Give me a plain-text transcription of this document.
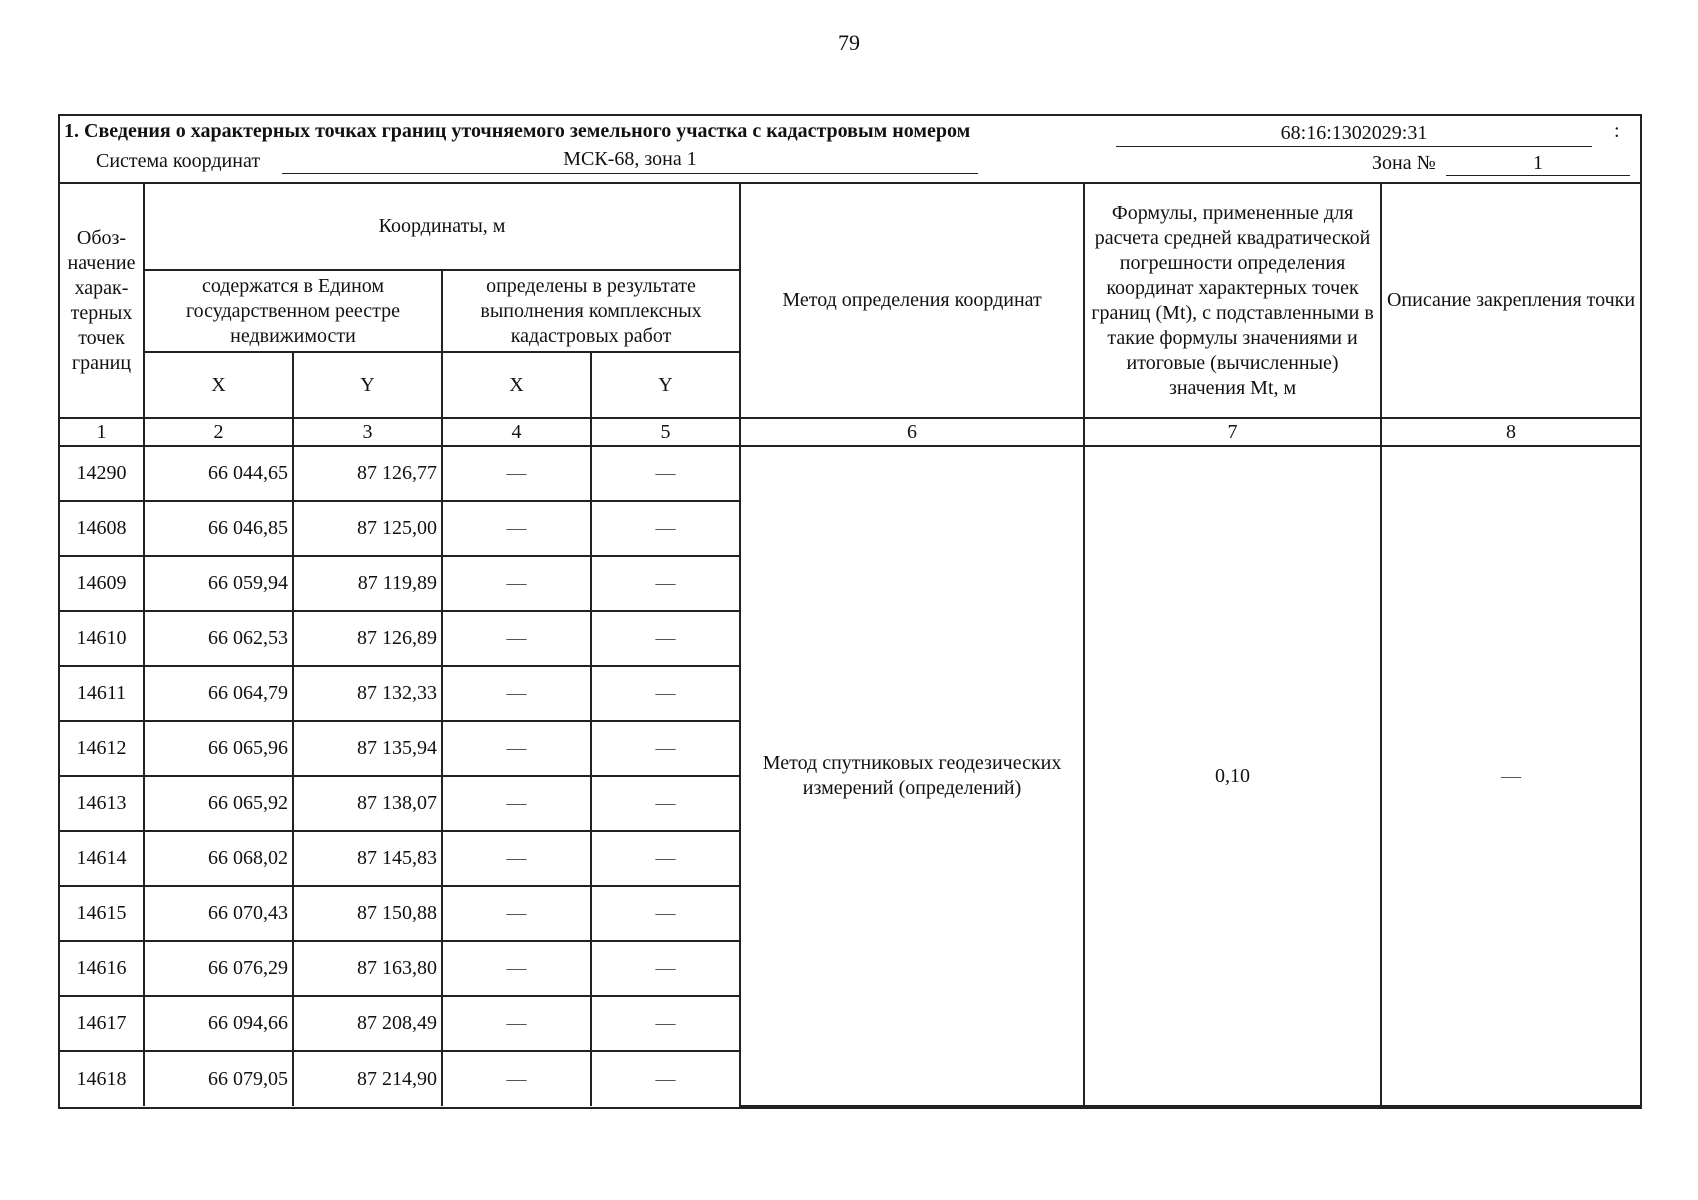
79
1. Сведения о характерных точках границ уточняемого земельного участка с кадастровым номером	68:16:1302029:31	:
Система координат	МСК-68, зона 1	Зона №	1
Обоз- начение харак- терных точек границ	Координаты, м				Метод определения координат	Формулы, примененные для расчета средней квадратической погрешности определения координат характерных точек границ (Mt), с подставленными в такие формулы значениями и итоговые (вычисленные) значения Mt, м	Описание закрепления точки
	содержатся в Едином государственном реестре недвижимости		определены в результате выполнения комплексных кадастровых работ				
	X	Y	X	Y			
1	2	3	4	5	6	7	8
14290	66 044,65	87 126,77	—	—	Метод спутниковых геодезических измерений (определений)	0,10	—
14608	66 046,85	87 125,00	—	—			
14609	66 059,94	87 119,89	—	—			
14610	66 062,53	87 126,89	—	—			
14611	66 064,79	87 132,33	—	—			
14612	66 065,96	87 135,94	—	—			
14613	66 065,92	87 138,07	—	—			
14614	66 068,02	87 145,83	—	—			
14615	66 070,43	87 150,88	—	—			
14616	66 076,29	87 163,80	—	—			
14617	66 094,66	87 208,49	—	—			
14618	66 079,05	87 214,90	—	—			
